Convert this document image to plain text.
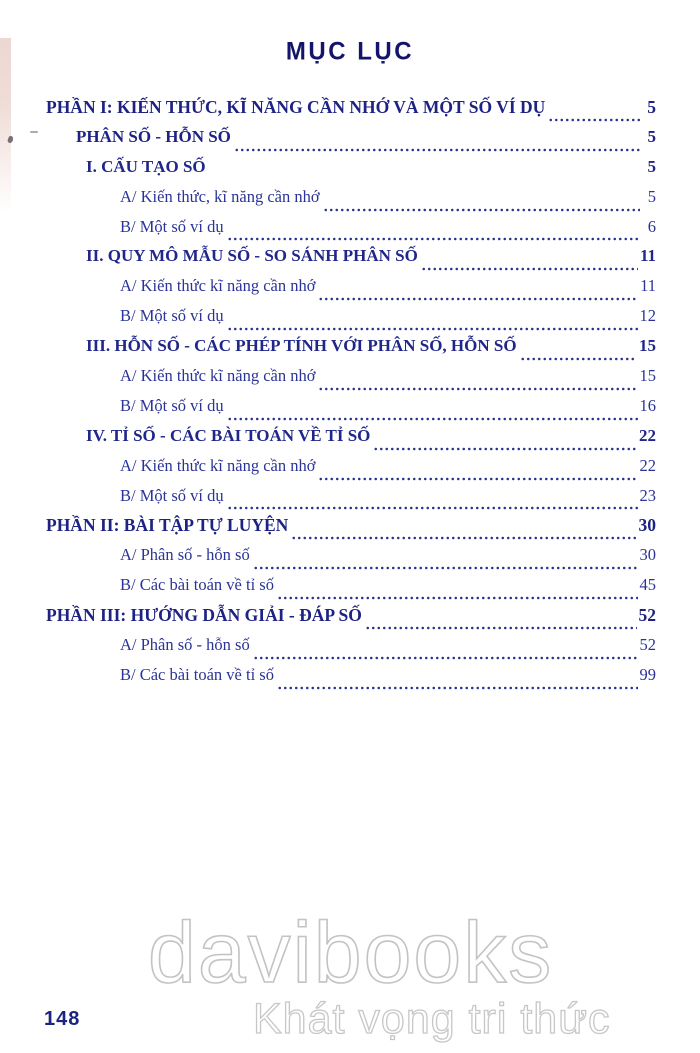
MỤC LỤC
PHẦN I: KIẾN THỨC, KĨ NĂNG CẦN NHỚ VÀ MỘT SỐ VÍ DỤ	5
PHÂN SỐ - HỖN SỐ	5
I. CẤU TẠO SỐ	5
A/ Kiến thức, kĩ năng cần nhớ	5
B/ Một số ví dụ	6
II. QUY MÔ MẪU SỐ - SO SÁNH PHÂN SỐ	11
A/ Kiến thức kĩ năng cần nhớ	11
B/ Một số ví dụ	12
III. HỖN SỐ - CÁC PHÉP TÍNH VỚI PHÂN SỐ, HỖN SỐ	15
A/ Kiến thức kĩ năng cần nhớ	15
B/ Một số ví dụ	16
IV. TỈ SỐ - CÁC BÀI TOÁN VỀ TỈ SỐ	22
A/ Kiến thức kĩ năng cần nhớ	22
B/ Một số ví dụ	23
PHẦN II: BÀI TẬP TỰ LUYỆN	30
A/ Phân số - hỗn số	30
B/ Các bài toán về tỉ số	45
PHẦN III: HƯỚNG DẪN GIẢI - ĐÁP SỐ	52
A/ Phân số - hỗn số	52
B/ Các bài toán về tỉ số	99
davibooks
Khát vọng tri thức
148
